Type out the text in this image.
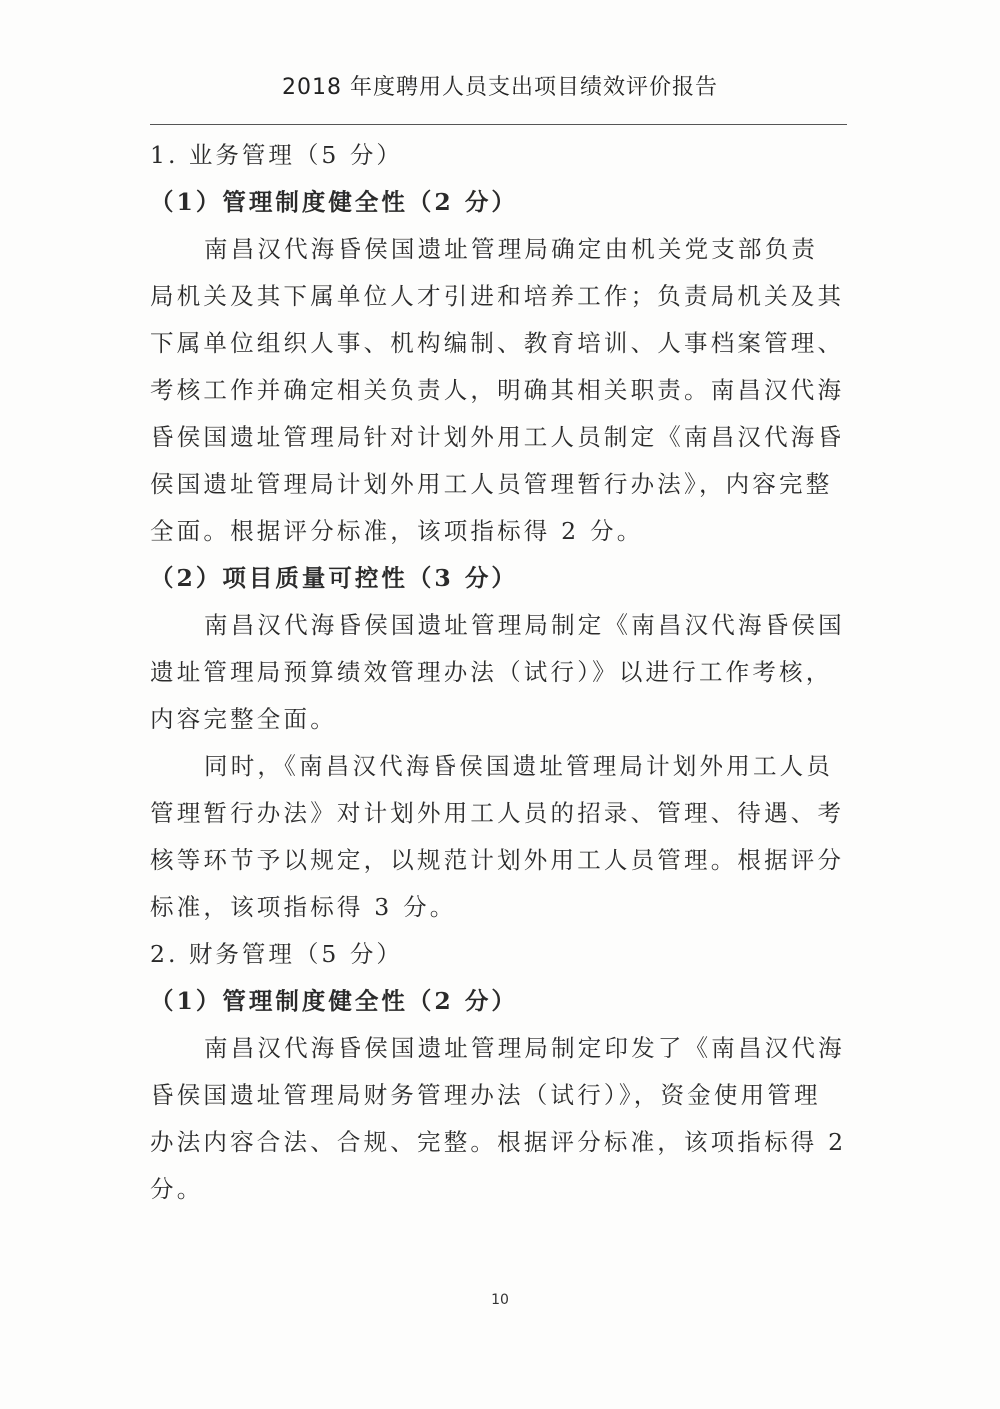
2018 年度聘用人员支出项目绩效评价报告
1. 业务管理（5 分）
（1）管理制度健全性（2 分）
南昌汉代海昏侯国遗址管理局确定由机关党支部负责
局机关及其下属单位人才引进和培养工作；负责局机关及其
下属单位组织人事、机构编制、教育培训、人事档案管理、
考核工作并确定相关负责人，明确其相关职责。南昌汉代海
昏侯国遗址管理局针对计划外用工人员制定《南昌汉代海昏
侯国遗址管理局计划外用工人员管理暂行办法》，内容完整
全面。根据评分标准，该项指标得 2 分。
（2）项目质量可控性（3 分）
南昌汉代海昏侯国遗址管理局制定《南昌汉代海昏侯国
遗址管理局预算绩效管理办法（试行）》以进行工作考核，
内容完整全面。
同时，《南昌汉代海昏侯国遗址管理局计划外用工人员
管理暂行办法》对计划外用工人员的招录、管理、待遇、考
核等环节予以规定，以规范计划外用工人员管理。根据评分
标准，该项指标得 3 分。
2. 财务管理（5 分）
（1）管理制度健全性（2 分）
南昌汉代海昏侯国遗址管理局制定印发了《南昌汉代海
昏侯国遗址管理局财务管理办法（试行）》，资金使用管理
办法内容合法、合规、完整。根据评分标准，该项指标得 2
分。
10
